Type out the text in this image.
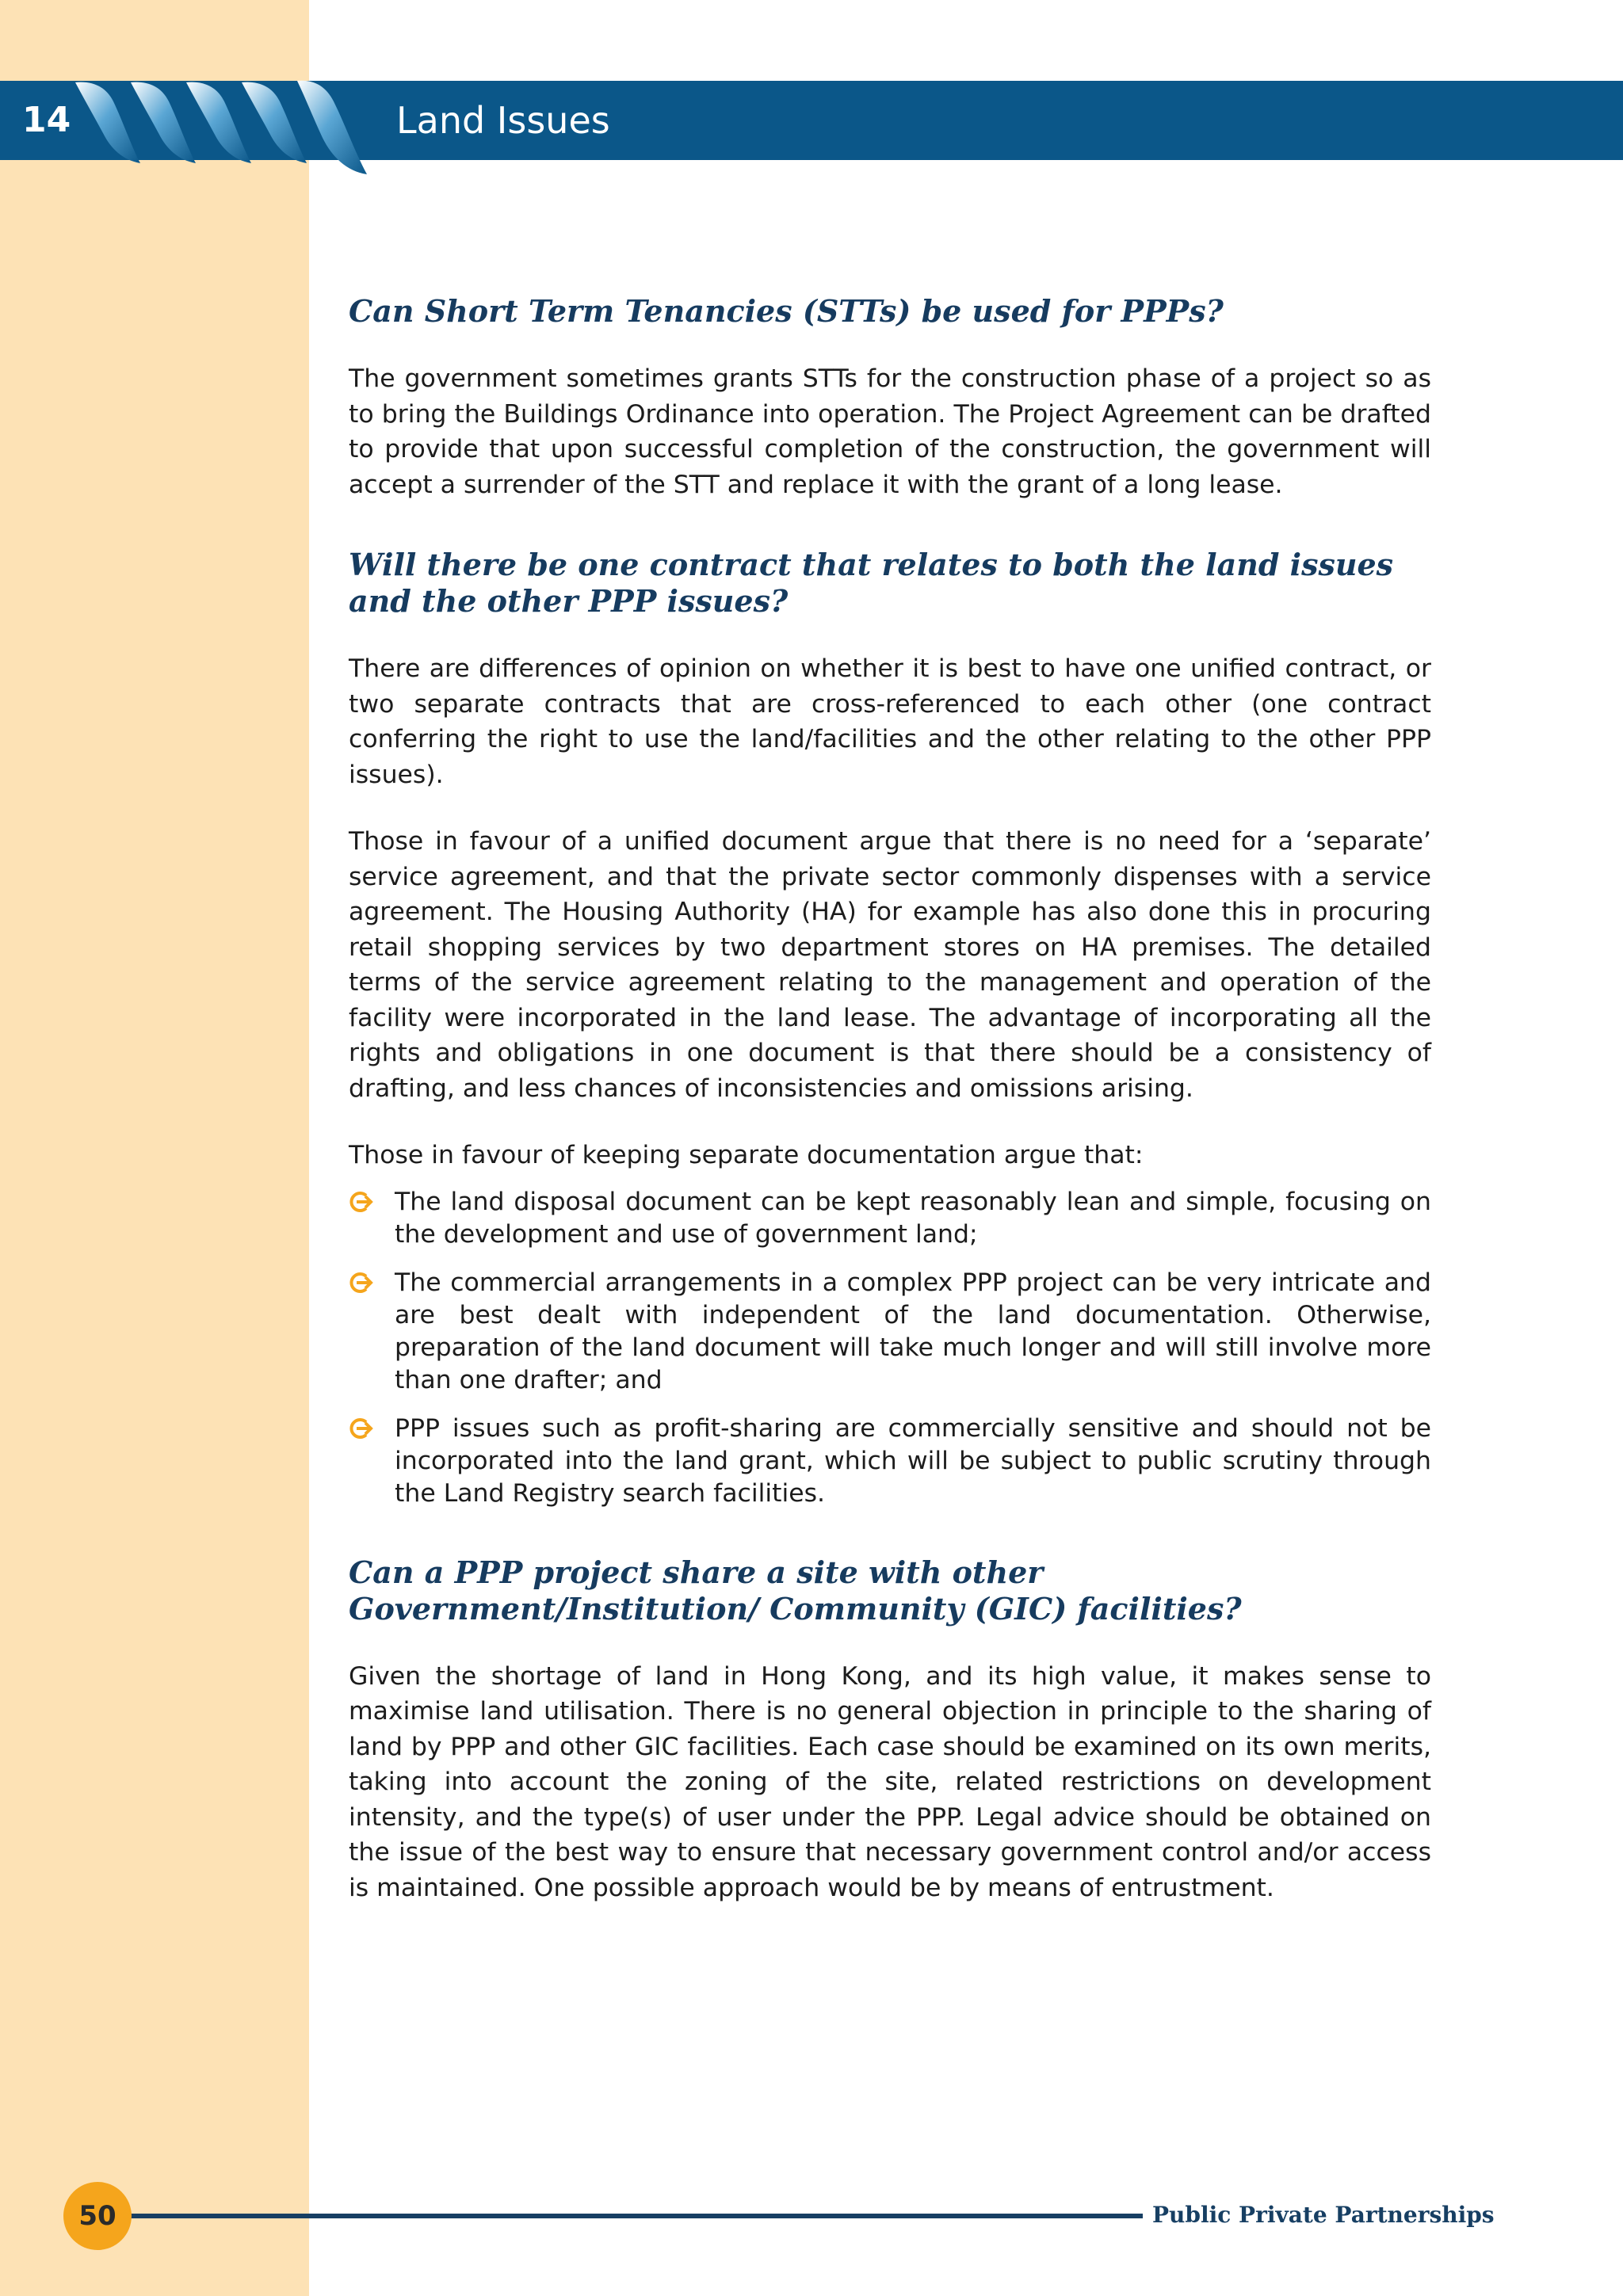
14	Land Issues
Can Short Term Tenancies (STTs) be used for PPPs?

The government sometimes grants STTs for the construction phase of a project so as to bring the Buildings Ordinance into operation. The Project Agreement can be drafted to provide that upon successful completion of the construction, the government will accept a surrender of the STT and replace it with the grant of a long lease.

Will there be one contract that relates to both the land issues and the other PPP issues?

There are differences of opinion on whether it is best to have one unified contract, or two separate contracts that are cross-referenced to each other (one contract conferring the right to use the land/facilities and the other relating to the other PPP issues).

Those in favour of a unified document argue that there is no need for a ‘separate’ service agreement, and that the private sector commonly dispenses with a service agreement. The Housing Authority (HA) for example has also done this in procuring retail shopping services by two department stores on HA premises. The detailed terms of the service agreement relating to the management and operation of the facility were incorporated in the land lease. The advantage of incorporating all the rights and obligations in one document is that there should be a consistency of drafting, and less chances of inconsistencies and omissions arising.

Those in favour of keeping separate documentation argue that:

The land disposal document can be kept reasonably lean and simple, focusing on the development and use of government land;
The commercial arrangements in a complex PPP project can be very intricate and are best dealt with independent of the land documentation. Otherwise, preparation of the land document will take much longer and will still involve more than one drafter; and
PPP issues such as profit-sharing are commercially sensitive and should not be incorporated into the land grant, which will be subject to public scrutiny through the Land Registry search facilities.
Can a PPP project share a site with other Government/Institution/ Community (GIC) facilities?

Given the shortage of land in Hong Kong, and its high value, it makes sense to maximise land utilisation. There is no general objection in principle to the sharing of land by PPP and other GIC facilities. Each case should be examined on its own merits, taking into account the zoning of the site, related restrictions on development intensity, and the type(s) of user under the PPP. Legal advice should be obtained on the issue of the best way to ensure that necessary government control and/or access is maintained. One possible approach would be by means of entrustment.

50	Public Private Partnerships
